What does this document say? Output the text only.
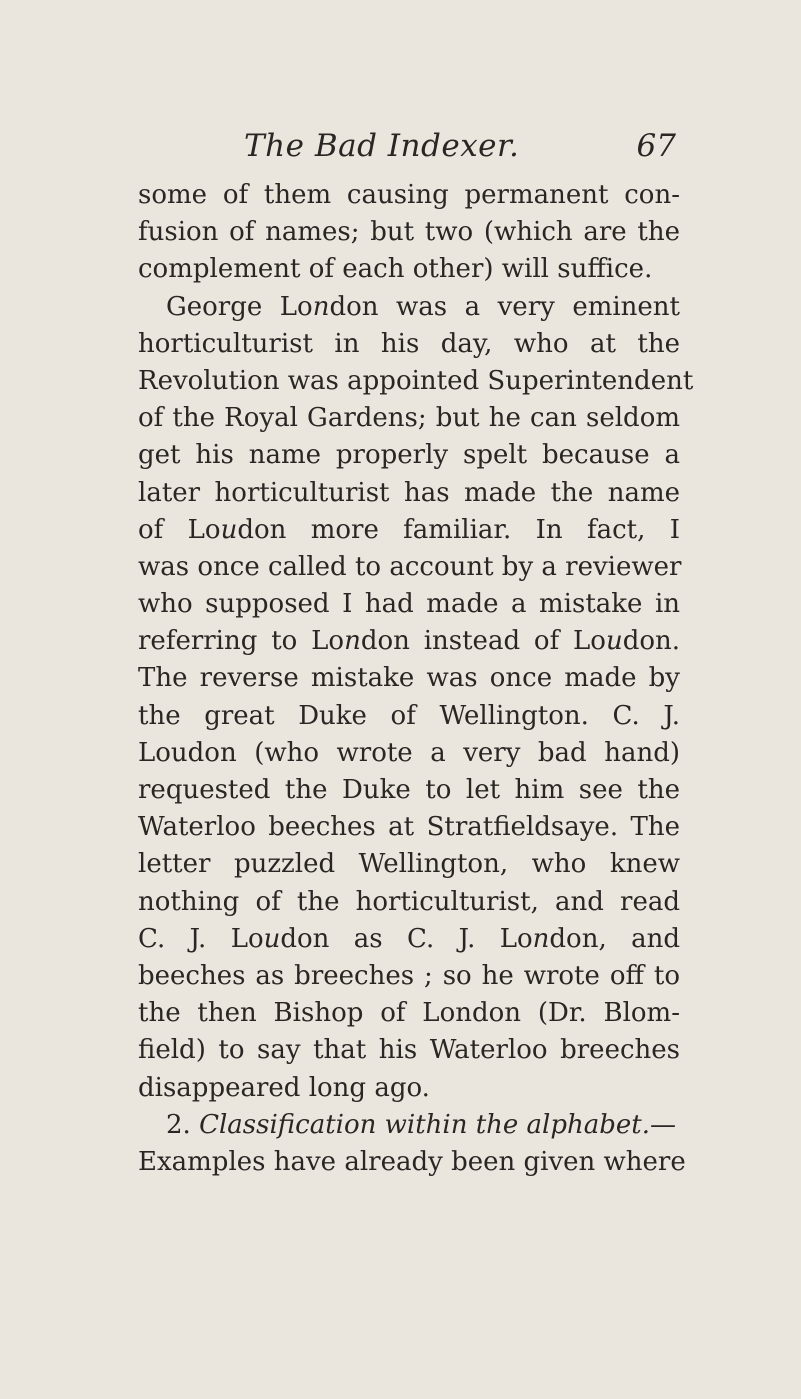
The Bad Indexer.	67
some of them causing permanent con-
fusion of names; but two (which are the
complement of each other) will suffice.
George London was a very eminent
horticulturist in his day, who at the
Revolution was appointed Superintendent
of the Royal Gardens; but he can seldom
get his name properly spelt because a
later horticulturist has made the name
of Loudon more familiar. In fact, I
was once called to account by a reviewer
who supposed I had made a mistake in
referring to London instead of Loudon.
The reverse mistake was once made by
the great Duke of Wellington. C. J.
Loudon (who wrote a very bad hand)
requested the Duke to let him see the
Waterloo beeches at Stratfieldsaye. The
letter puzzled Wellington, who knew
nothing of the horticulturist, and read
C. J. Loudon as C. J. London, and
beeches as breeches ; so he wrote off to
the then Bishop of London (Dr. Blom-
field) to say that his Waterloo breeches
disappeared long ago.
2. Classification within the alphabet.—
Examples have already been given where
